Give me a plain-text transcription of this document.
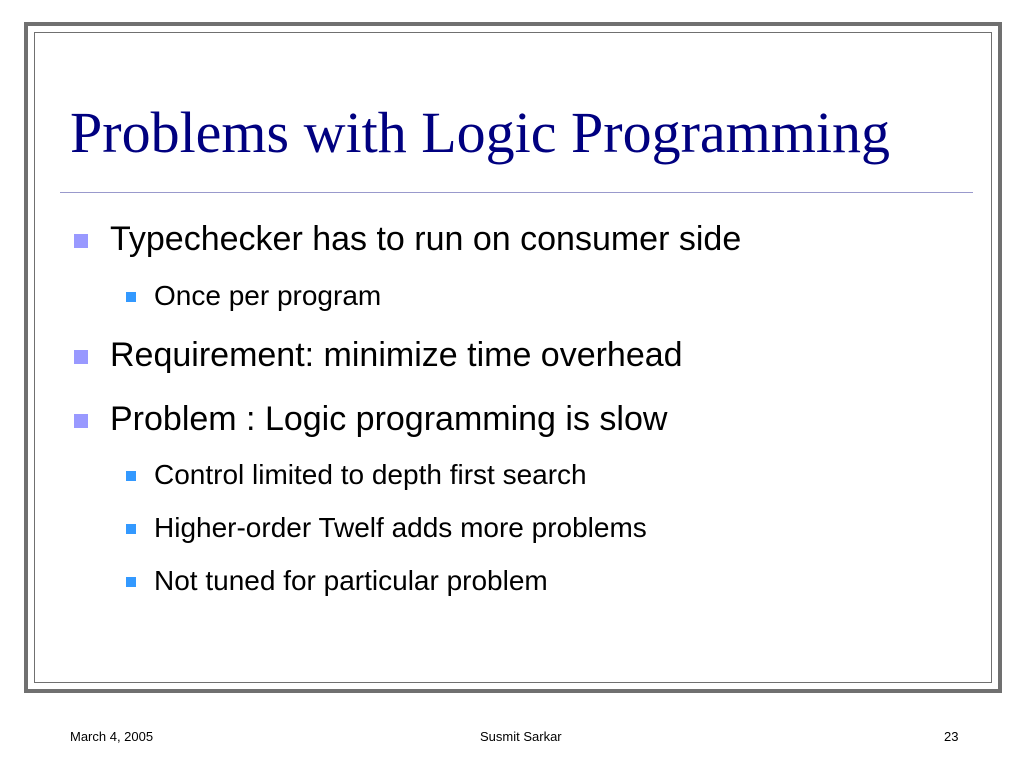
Problems with Logic Programming
Typechecker has to run on consumer side
Once per program
Requirement: minimize time overhead
Problem : Logic programming is slow
Control limited to depth first search
Higher-order Twelf adds more problems
Not tuned for particular problem
March 4, 2005	Susmit Sarkar	23
